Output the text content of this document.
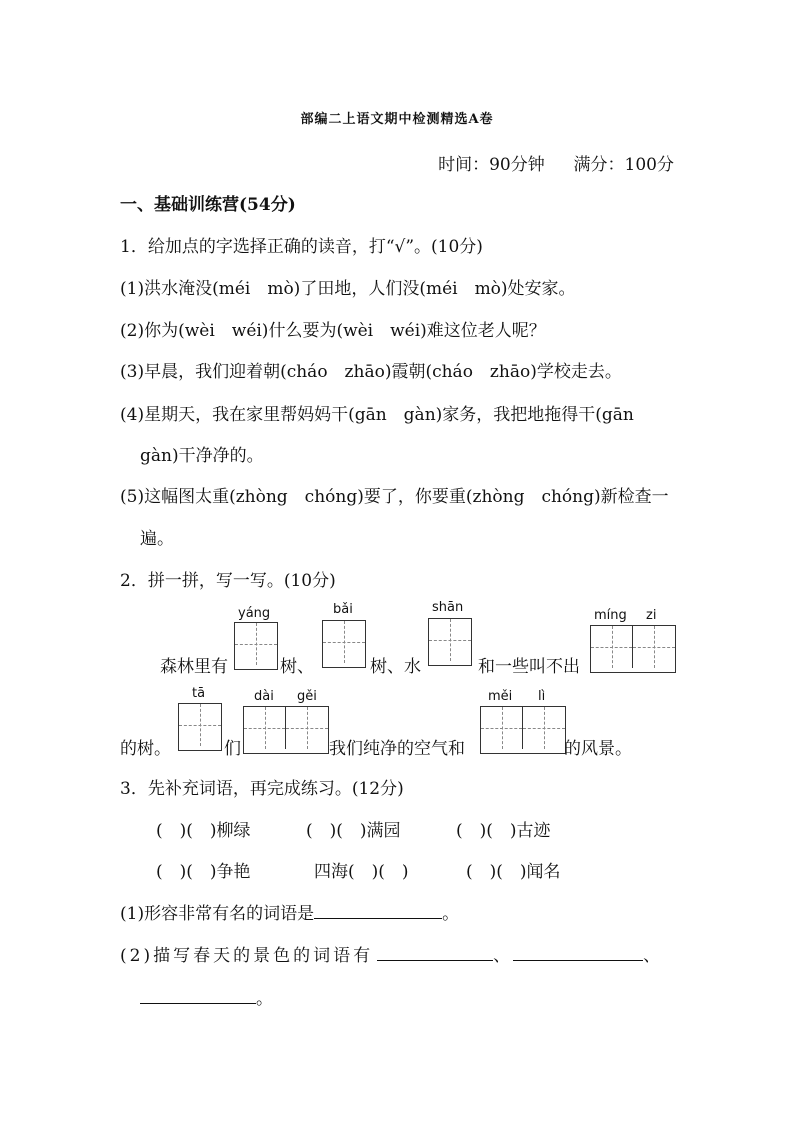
部编二上语文期中检测精选A卷
时间：90分钟 满分：100分
一、基础训练营(54分)
1．给加点的字选择正确的读音，打“√”。(10分)
(1)洪水淹没(méi　mò)了田地，人们没(méi　mò)处安家。
(2)你为(wèi　wéi)什么要为(wèi　wéi)难这位老人呢？
(3)早晨，我们迎着朝(cháo　zhāo)霞朝(cháo　zhāo)学校走去。
(4)星期天，我在家里帮妈妈干(gān　gàn)家务，我把地拖得干(gān
gàn)干净净的。
(5)这幅图太重(zhòng　chóng)要了，你要重(zhòng　chóng)新检查一
遍。
2．拼一拼，写一写。(10分)
yáng	bǎi	shān
míng zi
森林里有	树、	树、水	和一些叫不出
tā	dài gěi	měi lì
的树。	们	我们纯净的空气和	的风景。
3．先补充词语，再完成练习。(12分)
(　)(　)柳绿	(　)(　)满园	(　)(　)古迹
(　)(　)争艳	四海(　)(　)	(　)(　)闻名
(1)形容非常有名的词语是	。
(2)描写春天的景色的词语有	、	、
。
